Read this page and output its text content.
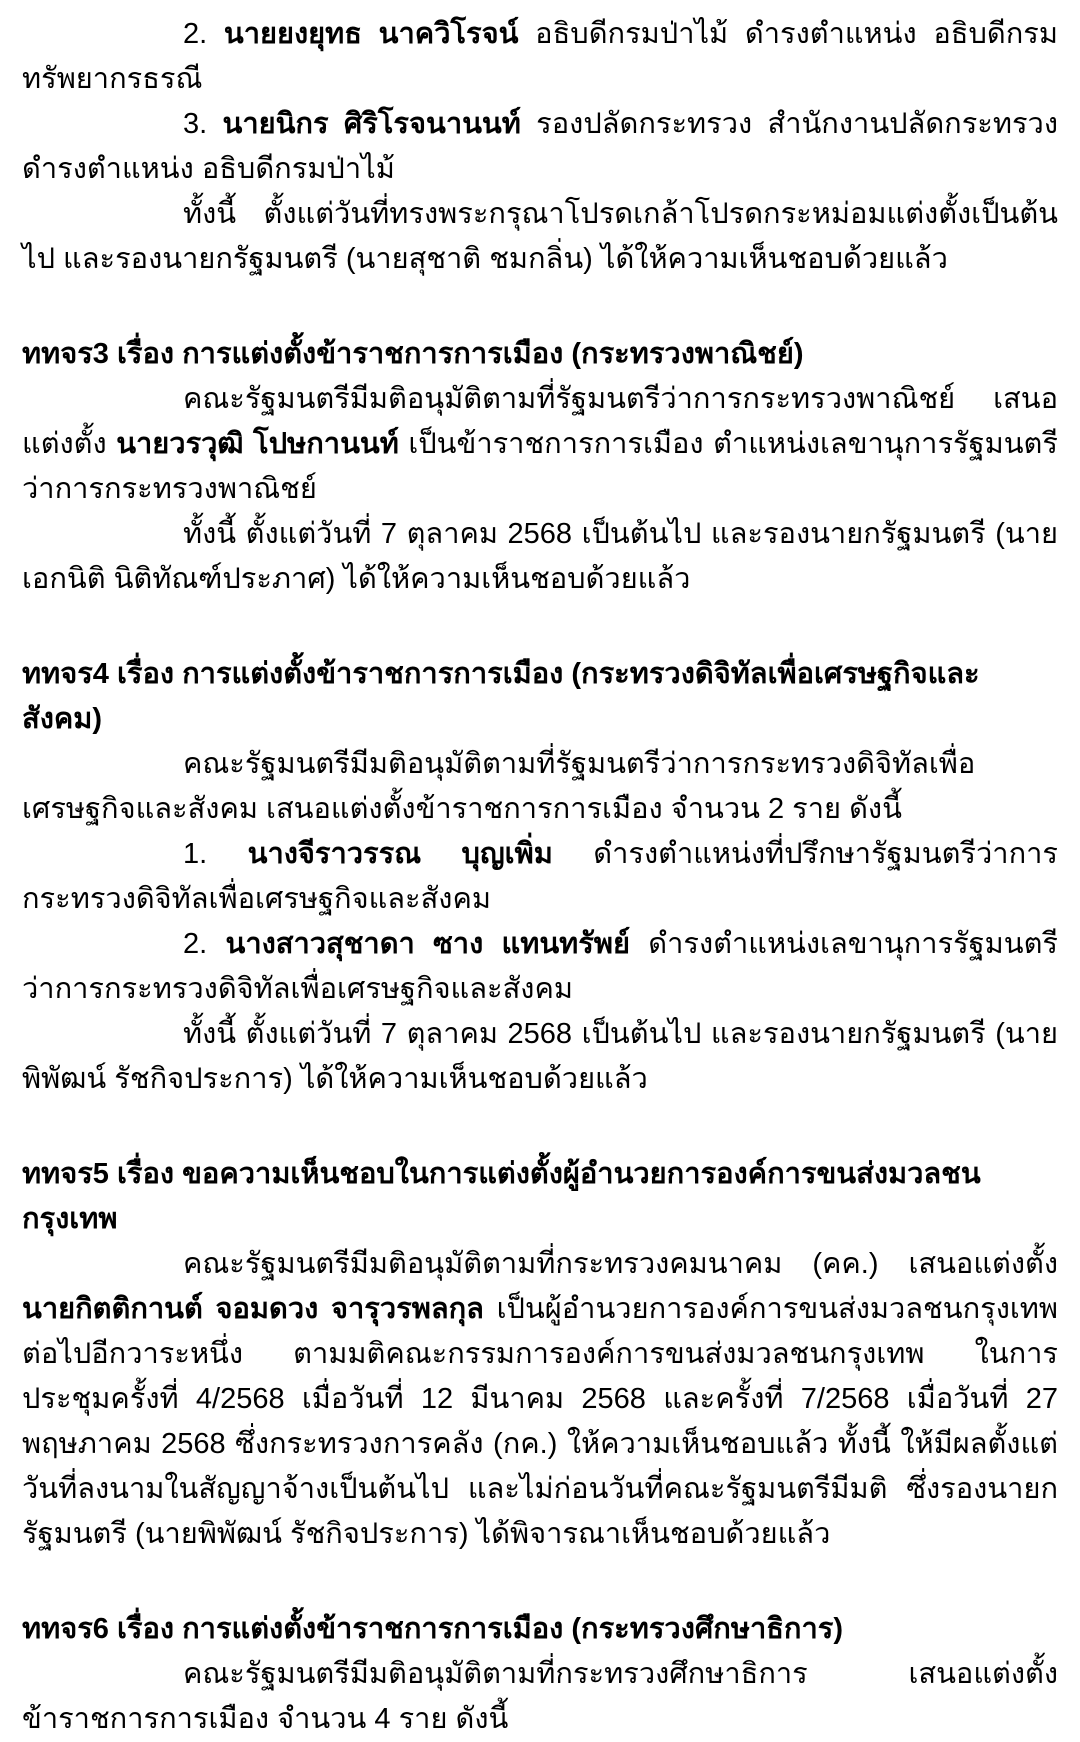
2. นายยงยุทธ นาควิโรจน์ อธิบดีกรมป่าไม้ ดำรงตำแหน่ง อธิบดีกรมทรัพยากรธรณี

3. นายนิกร ศิริโรจนานนท์ รองปลัดกระทรวง สำนักงานปลัดกระทรวง ดำรงตำแหน่ง อธิบดีกรมป่าไม้

ทั้งนี้ ตั้งแต่วันที่ทรงพระกรุณาโปรดเกล้าโปรดกระหม่อมแต่งตั้งเป็นต้นไป และรองนายกรัฐมนตรี (นายสุชาติ ชมกลิ่น) ได้ให้ความเห็นชอบด้วยแล้ว

ททจร3 เรื่อง การแต่งตั้งข้าราชการการเมือง (กระทรวงพาณิชย์)

คณะรัฐมนตรีมีมติอนุมัติตามที่รัฐมนตรีว่าการกระทรวงพาณิชย์ เสนอแต่งตั้ง นายวรวุฒิ โปษกานนท์ เป็นข้าราชการการเมือง ตำแหน่งเลขานุการรัฐมนตรีว่าการกระทรวงพาณิชย์

ทั้งนี้ ตั้งแต่วันที่ 7 ตุลาคม 2568 เป็นต้นไป และรองนายกรัฐมนตรี (นายเอกนิติ นิติทัณฑ์ประภาศ) ได้ให้ความเห็นชอบด้วยแล้ว

ททจร4 เรื่อง การแต่งตั้งข้าราชการการเมือง (กระทรวงดิจิทัลเพื่อเศรษฐกิจและสังคม)

คณะรัฐมนตรีมีมติอนุมัติตามที่รัฐมนตรีว่าการกระทรวงดิจิทัลเพื่อเศรษฐกิจและสังคม เสนอแต่งตั้งข้าราชการการเมือง จำนวน 2 ราย ดังนี้

1. นางจีราวรรณ บุญเพิ่ม ดำรงตำแหน่งที่ปรึกษารัฐมนตรีว่าการกระทรวงดิจิทัลเพื่อเศรษฐกิจและสังคม

2. นางสาวสุชาดา ซาง แทนทรัพย์ ดำรงตำแหน่งเลขานุการรัฐมนตรีว่าการกระทรวงดิจิทัลเพื่อเศรษฐกิจและสังคม

ทั้งนี้ ตั้งแต่วันที่ 7 ตุลาคม 2568 เป็นต้นไป และรองนายกรัฐมนตรี (นายพิพัฒน์ รัชกิจประการ) ได้ให้ความเห็นชอบด้วยแล้ว

ททจร5 เรื่อง ขอความเห็นชอบในการแต่งตั้งผู้อำนวยการองค์การขนส่งมวลชนกรุงเทพ

คณะรัฐมนตรีมีมติอนุมัติตามที่กระทรวงคมนาคม (คค.) เสนอแต่งตั้ง นายกิตติกานต์ จอมดวง จารุวรพลกุล เป็นผู้อำนวยการองค์การขนส่งมวลชนกรุงเทพต่อไปอีกวาระหนึ่ง ตามมติคณะกรรมการองค์การขนส่งมวลชนกรุงเทพ ในการประชุมครั้งที่ 4/2568 เมื่อวันที่ 12 มีนาคม 2568 และครั้งที่ 7/2568 เมื่อวันที่ 27 พฤษภาคม 2568 ซึ่งกระทรวงการคลัง (กค.) ให้ความเห็นชอบแล้ว ทั้งนี้ ให้มีผลตั้งแต่วันที่ลงนามในสัญญาจ้างเป็นต้นไป และไม่ก่อนวันที่คณะรัฐมนตรีมีมติ ซึ่งรองนายกรัฐมนตรี (นายพิพัฒน์ รัชกิจประการ) ได้พิจารณาเห็นชอบด้วยแล้ว

ททจร6 เรื่อง การแต่งตั้งข้าราชการการเมือง (กระทรวงศึกษาธิการ)

คณะรัฐมนตรีมีมติอนุมัติตามที่กระทรวงศึกษาธิการ เสนอแต่งตั้งข้าราชการการเมือง จำนวน 4 ราย ดังนี้
